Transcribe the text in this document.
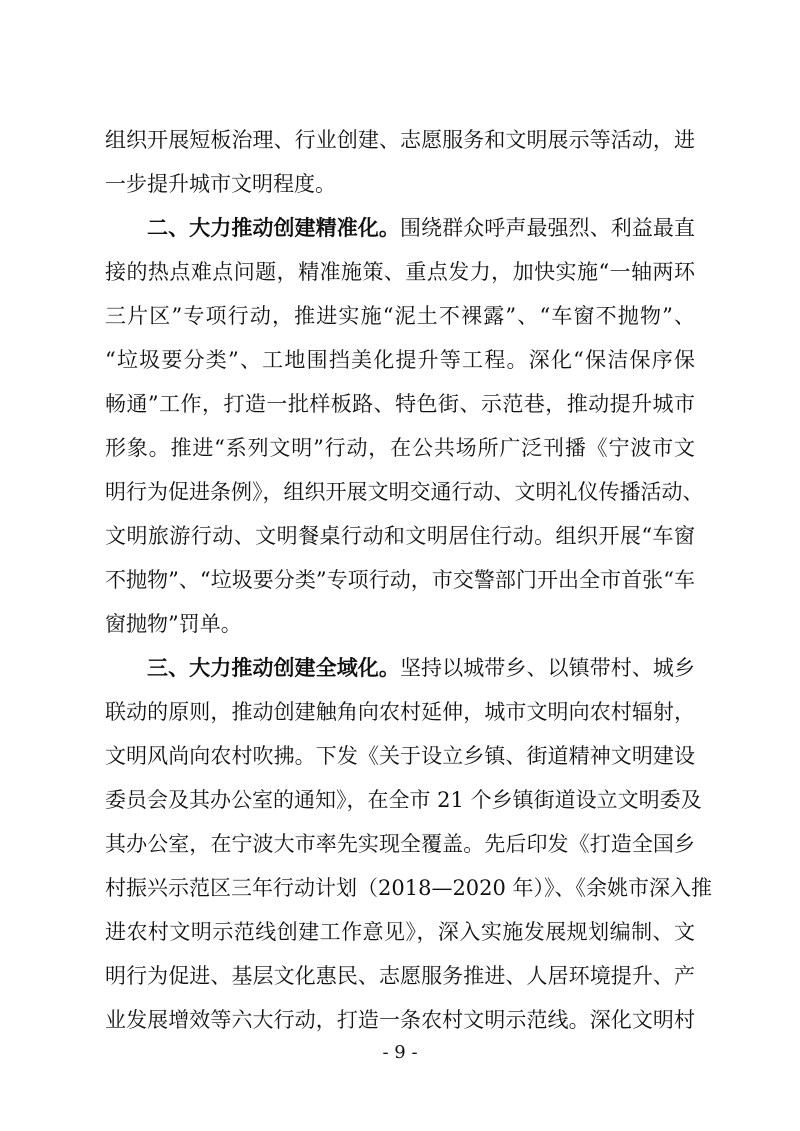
组织开展短板治理、行业创建、志愿服务和文明展示等活动，进
一步提升城市文明程度。
二、大力推动创建精准化。围绕群众呼声最强烈、利益最直
接的热点难点问题，精准施策、重点发力，加快实施“一轴两环
三片区”专项行动，推进实施“泥土不裸露”、“车窗不抛物”、
“垃圾要分类”、工地围挡美化提升等工程。深化“保洁保序保
畅通”工作，打造一批样板路、特色街、示范巷，推动提升城市
形象。推进“系列文明”行动，在公共场所广泛刊播《宁波市文
明行为促进条例》，组织开展文明交通行动、文明礼仪传播活动、
文明旅游行动、文明餐桌行动和文明居住行动。组织开展“车窗
不抛物”、“垃圾要分类”专项行动，市交警部门开出全市首张“车
窗抛物”罚单。
三、大力推动创建全域化。坚持以城带乡、以镇带村、城乡
联动的原则，推动创建触角向农村延伸，城市文明向农村辐射，
文明风尚向农村吹拂。下发《关于设立乡镇、街道精神文明建设
委员会及其办公室的通知》，在全市 21 个乡镇街道设立文明委及
其办公室，在宁波大市率先实现全覆盖。先后印发《打造全国乡
村振兴示范区三年行动计划（2018—2020 年）》、《余姚市深入推
进农村文明示范线创建工作意见》，深入实施发展规划编制、文
明行为促进、基层文化惠民、志愿服务推进、人居环境提升、产
业发展增效等六大行动，打造一条农村文明示范线。深化文明村
- 9 -
